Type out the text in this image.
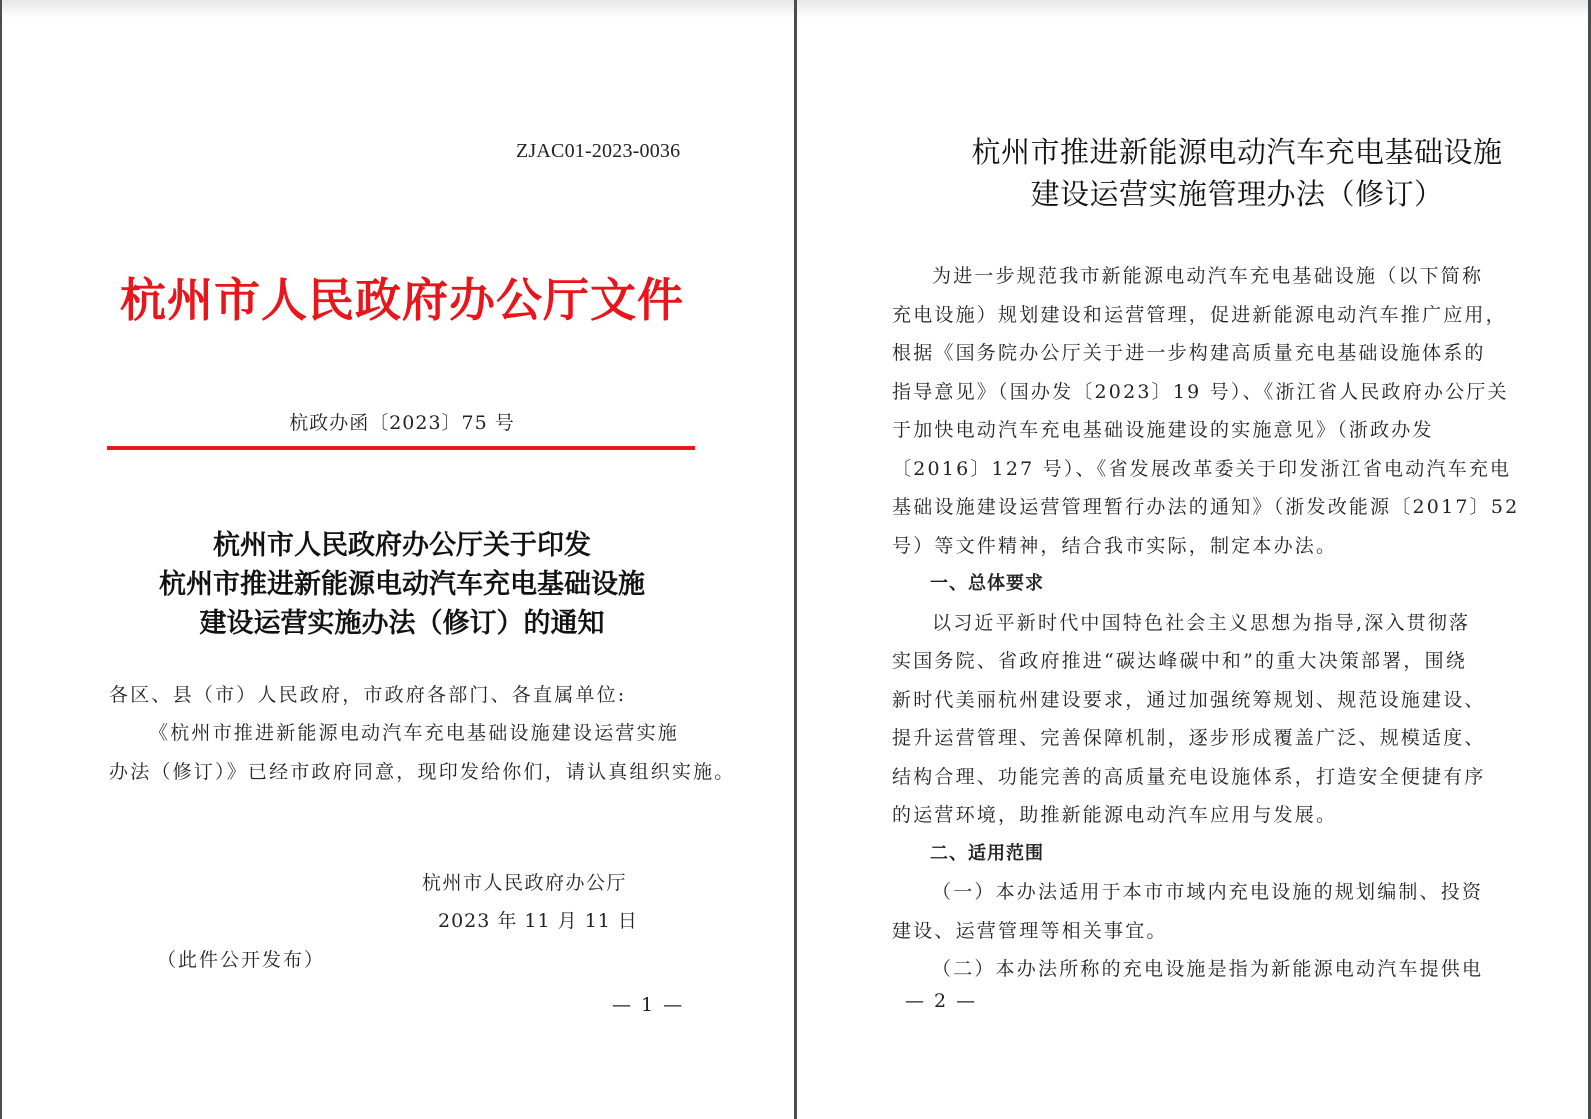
ZJAC01-2023-0036
杭州市人民政府办公厅文件
杭政办函〔2023〕75 号
杭州市人民政府办公厅关于印发
杭州市推进新能源电动汽车充电基础设施
建设运营实施办法（修订）的通知
各区、县（市）人民政府，市政府各部门、各直属单位:
《杭州市推进新能源电动汽车充电基础设施建设运营实施
办法（修订）》已经市政府同意，现印发给你们，请认真组织实施。
杭州市人民政府办公厅
2023 年 11 月 11 日
（此件公开发布）
— 1 —
杭州市推进新能源电动汽车充电基础设施
建设运营实施管理办法（修订）
为进一步规范我市新能源电动汽车充电基础设施（以下简称
充电设施）规划建设和运营管理，促进新能源电动汽车推广应用，
根据《国务院办公厅关于进一步构建高质量充电基础设施体系的
指导意见》（国办发〔2023〕19 号）、《浙江省人民政府办公厅关
于加快电动汽车充电基础设施建设的实施意见》（浙政办发
〔2016〕127 号）、《省发展改革委关于印发浙江省电动汽车充电
基础设施建设运营管理暂行办法的通知》（浙发改能源〔2017〕52
号）等文件精神，结合我市实际，制定本办法。
一、总体要求
以习近平新时代中国特色社会主义思想为指导,深入贯彻落
实国务院、省政府推进“碳达峰碳中和”的重大决策部署，围绕
新时代美丽杭州建设要求，通过加强统筹规划、规范设施建设、
提升运营管理、完善保障机制，逐步形成覆盖广泛、规模适度、
结构合理、功能完善的高质量充电设施体系，打造安全便捷有序
的运营环境，助推新能源电动汽车应用与发展。
二、适用范围
（一）本办法适用于本市市域内充电设施的规划编制、投资
建设、运营管理等相关事宜。
（二）本办法所称的充电设施是指为新能源电动汽车提供电
— 2 —
